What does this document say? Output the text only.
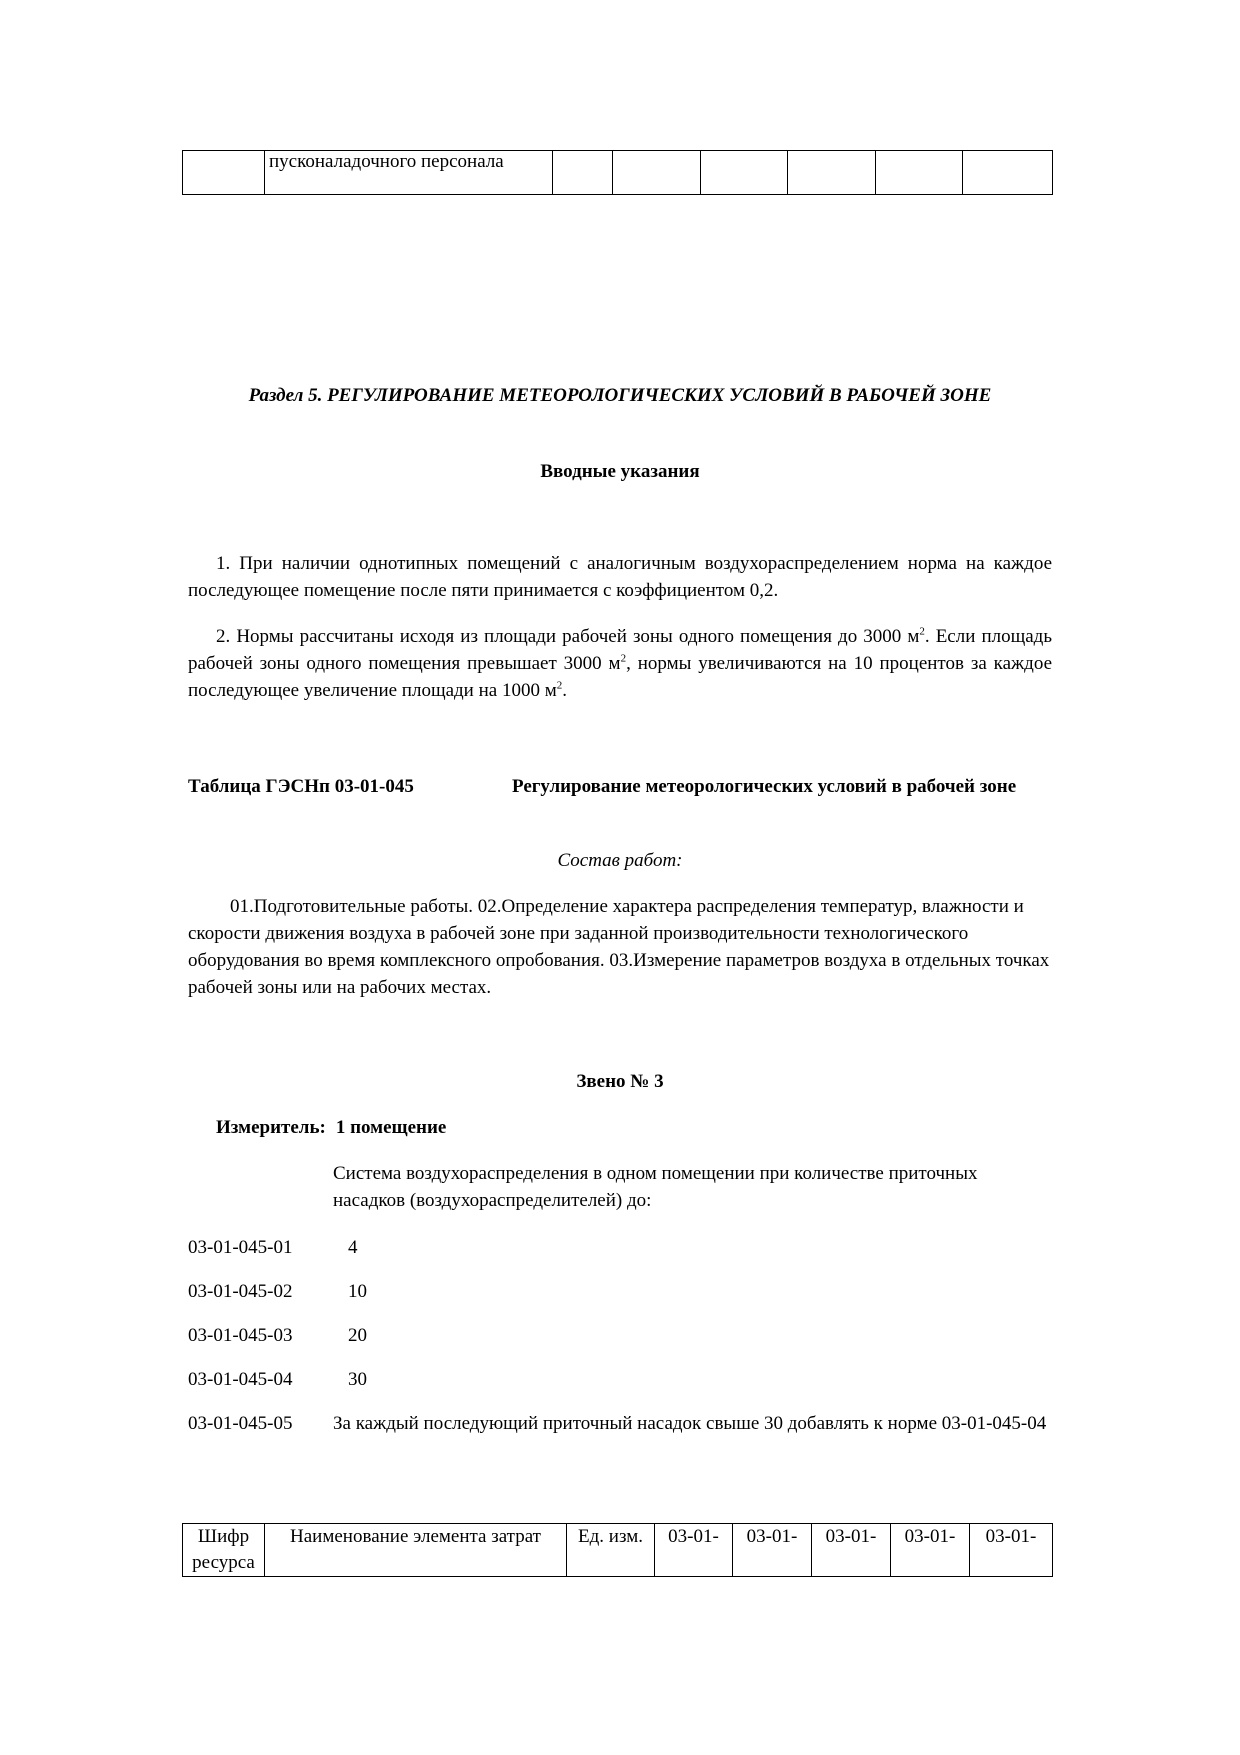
	пусконаладочного персонала						
Раздел 5. РЕГУЛИРОВАНИЕ МЕТЕОРОЛОГИЧЕСКИХ УСЛОВИЙ В РАБОЧЕЙ ЗОНЕ
Вводные указания
1. При наличии однотипных помещений с аналогичным воздухораспределением норма на каждое последующее помещение после пяти принимается с коэффициентом 0,2.
2. Нормы рассчитаны исходя из площади рабочей зоны одного помещения до 3000 $м^2$. Если площадь рабочей зоны одного помещения превышает 3000 $м^2$, нормы увеличиваются на 10 процентов за каждое последующее увеличение площади на 1000 $м^2$.
Таблица ГЭСНп 03-01-045	Регулирование метеорологических условий в рабочей зоне
Состав работ:
01.Подготовительные работы. 02.Определение характера распределения температур, влажности и скорости движения воздуха в рабочей зоне при заданной производительности технологического оборудования во время комплексного опробования. 03.Измерение параметров воздуха в отдельных точках рабочей зоны или на рабочих местах.
Звено № 3
Измеритель: 1 помещение
Система воздухораспределения в одном помещении при количестве приточных насадков (воздухораспределителей) до:
03-01-045-01	4
03-01-045-02	10
03-01-045-03	20
03-01-045-04	30
03-01-045-05 За каждый последующий приточный насадок свыше 30 добавлять к норме 03-01-045-04
Шифр ресурса	Наименование элемента затрат	Ед. изм.	03-01-	03-01-	03-01-	03-01-	03-01-
